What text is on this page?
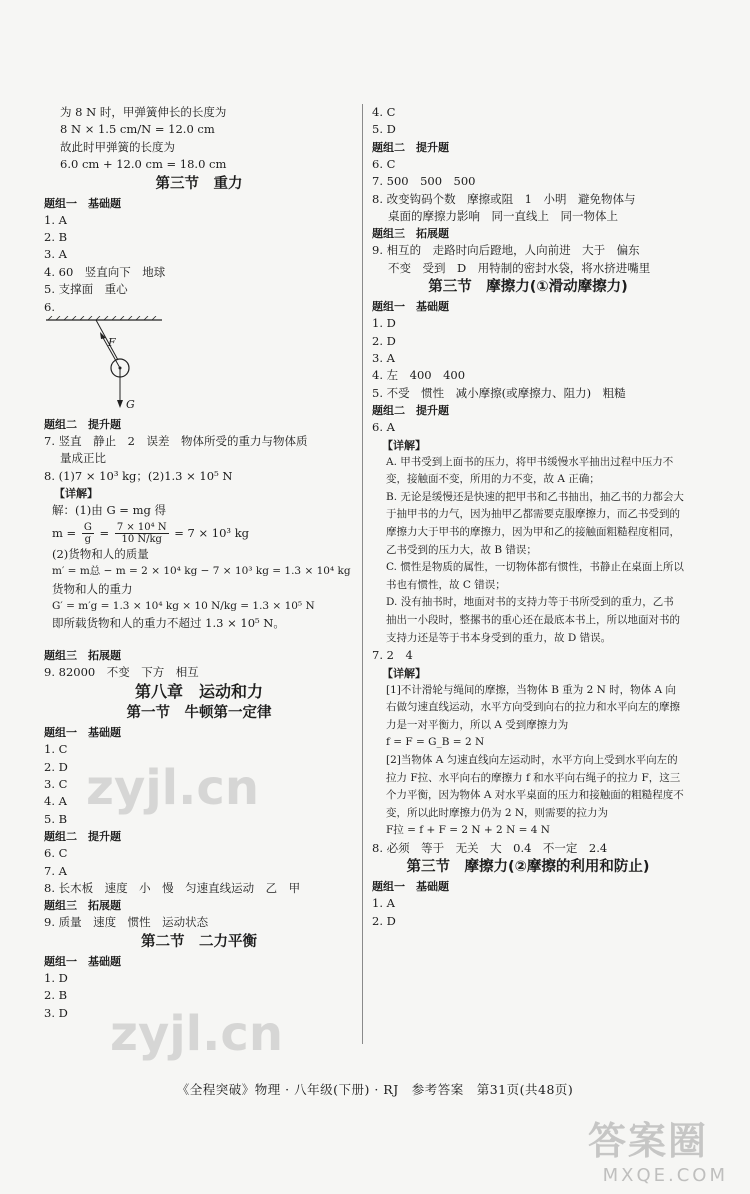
为 8 N 时，甲弹簧伸长的长度为
8 N × 1.5 cm/N = 12.0 cm
故此时甲弹簧的长度为
6.0 cm + 12.0 cm = 18.0 cm
第三节　重力
题组一　基础题
1. A
2. B
3. A
4. 60　竖直向下　地球
5. 支撑面　重心
6.
F
G
题组二　提升题
7. 竖直　静止　2　误差　物体所受的重力与物体质
量成正比
8. (1)7 × 10³ kg；(2)1.3 × 10⁵ N
【详解】
解：(1)由 G = mg 得
$m = \frac{G}{g} = \frac{\text{7 × 10⁴ N}}{10 N/kg} = 7 \times 10^3$ kg
(2)货物和人的质量
m′ = m总 − m = 2 × 10⁴ kg − 7 × 10³ kg = 1.3 × 10⁴ kg
货物和人的重力
G′ = m′g = 1.3 × 10⁴ kg × 10 N/kg = 1.3 × 10⁵ N
即所载货物和人的重力不超过 1.3 × 10⁵ N。
题组三　拓展题
9. 82000　不变　下方　相互
第八章　运动和力
第一节　牛顿第一定律
题组一　基础题
1. C
2. D
3. C
4. A
5. B
题组二　提升题
6. C
7. A
8. 长木板　速度　小　慢　匀速直线运动　乙　甲
题组三　拓展题
9. 质量　速度　惯性　运动状态
第二节　二力平衡
题组一　基础题
1. D
2. B
3. D
4. C
5. D
题组二　提升题
6. C
7. 500　500　500
8. 改变钩码个数　摩擦或阻　1　小明　避免物体与
桌面的摩擦力影响　同一直线上　同一物体上
题组三　拓展题
9. 相互的　走路时向后蹬地，人向前进　大于　偏东
不变　受到　D　用特制的密封水袋，将水挤进嘴里
第三节　摩擦力(①滑动摩擦力)
题组一　基础题
1. D
2. D
3. A
4. 左　400　400
5. 不受　惯性　减小摩擦(或摩擦力、阻力)　粗糙
题组二　提升题
6. A
【详解】
A. 甲书受到上面书的压力，将甲书缓慢水平抽出过程中压力不变，接触面不变，所用的力不变，故 A 正确；
B. 无论是缓慢还是快速的把甲书和乙书抽出，抽乙书的力都会大于抽甲书的力气，因为抽甲乙都需要克服摩擦力，而乙书受到的摩擦力大于甲书的摩擦力，因为甲和乙的接触面粗糙程度相同，乙书受到的压力大，故 B 错误；
C. 惯性是物质的属性，一切物体都有惯性，书静止在桌面上所以书也有惯性，故 C 错误；
D. 没有抽书时，地面对书的支持力等于书所受到的重力，乙书抽出一小段时，整摞书的重心还在最底本书上，所以地面对书的支持力还是等于书本身受到的重力，故 D 错误。
7. 2　4
【详解】
[1]不计滑轮与绳间的摩擦，当物体 B 重为 2 N 时，物体 A 向右做匀速直线运动，水平方向受到向右的拉力和水平向左的摩擦力是一对平衡力，所以 A 受到摩擦力为
f = F = G_B = 2 N
[2]当物体 A 匀速直线向左运动时，水平方向上受到水平向左的拉力 F拉、水平向右的摩擦力 f 和水平向右绳子的拉力 F，这三个力平衡，因为物体 A 对水平桌面的压力和接触面的粗糙程度不变，所以此时摩擦力仍为 2 N，则需要的拉力为
F拉 = f + F = 2 N + 2 N = 4 N
8. 必须　等于　无关　大　0.4　不一定　2.4
第三节　摩擦力(②摩擦的利用和防止)
题组一　基础题
1. A
2. D
zyjl.cn
zyjl.cn
《全程突破》物理 · 八年级(下册) · RJ　参考答案　第31页(共48页)
答案圈
MXQE.COM
